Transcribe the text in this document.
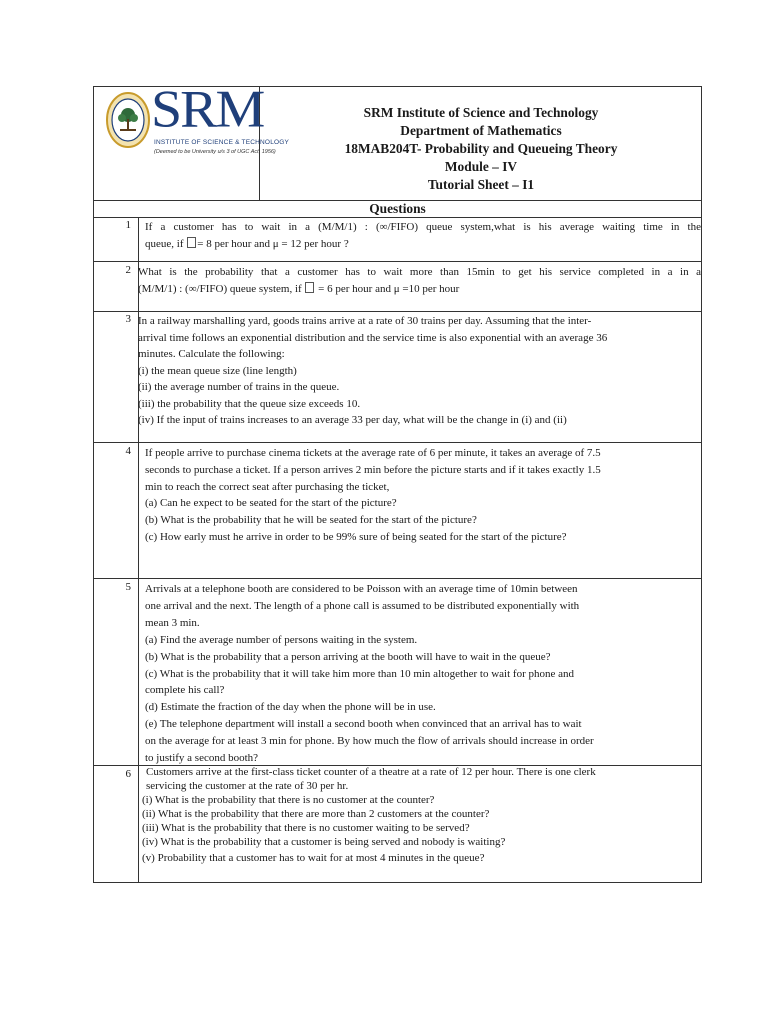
SRM
INSTITUTE OF SCIENCE & TECHNOLOGY
(Deemed to be University u/s 3 of UGC Act, 1956)
SRM Institute of Science and Technology
Department of Mathematics
18MAB204T- Probability and Queueing Theory
Module – IV
Tutorial Sheet – I1
Questions
1 If a customer has to wait in a (M/M/1) : (∞/FIFO) queue system,what is his average waiting time in the
queue, if = 8 per hour and μ = 12 per hour ?
2 What is the probability that a customer has to wait more than 15min to get his service completed in a in a
(M/M/1) : (∞/FIFO) queue system, if  = 6 per hour and μ =10 per hour
3 In a railway marshalling yard, goods trains arrive at a rate of 30 trains per day. Assuming that the inter-
arrival time follows an exponential distribution and the service time is also exponential with an average 36
minutes. Calculate the following:
(i) the mean queue size (line length)
(ii) the average number of trains in the queue.
(iii) the probability that the queue size exceeds 10.
(iv) If the input of trains increases to an average 33 per day, what will be the change in (i) and (ii)
4 If people arrive to purchase cinema tickets at the average rate of 6 per minute, it takes an average of 7.5
seconds to purchase a ticket. If a person arrives 2 min before the picture starts and if it takes exactly 1.5
min to reach the correct seat after purchasing the ticket,
(a) Can he expect to be seated for the start of the picture?
(b) What is the probability that he will be seated for the start of the picture?
(c) How early must he arrive in order to be 99% sure of being seated for the start of the picture?
5 Arrivals at a telephone booth are considered to be Poisson with an average time of 10min between
one arrival and the next. The length of a phone call is assumed to be distributed exponentially with
mean 3 min.
(a) Find the average number of persons waiting in the system.
(b) What is the probability that a person arriving at the booth will have to wait in the queue?
(c) What is the probability that it will take him more than 10 min altogether to wait for phone and
complete his call?
(d) Estimate the fraction of the day when the phone will be in use.
(e) The telephone department will install a second booth when convinced that an arrival has to wait
on the average for at least 3 min for phone. By how much the flow of arrivals should increase in order
to justify a second booth?
6	Customers arrive at the first-class ticket counter of a theatre at a rate of 12 per hour. There is one clerk
servicing the customer at the rate of 30 per hr.
(i) What is the probability that there is no customer at the counter?
(ii) What is the probability that there are more than 2 customers at the counter?
(iii) What is the probability that there is no customer waiting to be served?
(iv) What is the probability that a customer is being served and nobody is waiting?
(v) Probability that a customer has to wait for at most 4 minutes in the queue?
